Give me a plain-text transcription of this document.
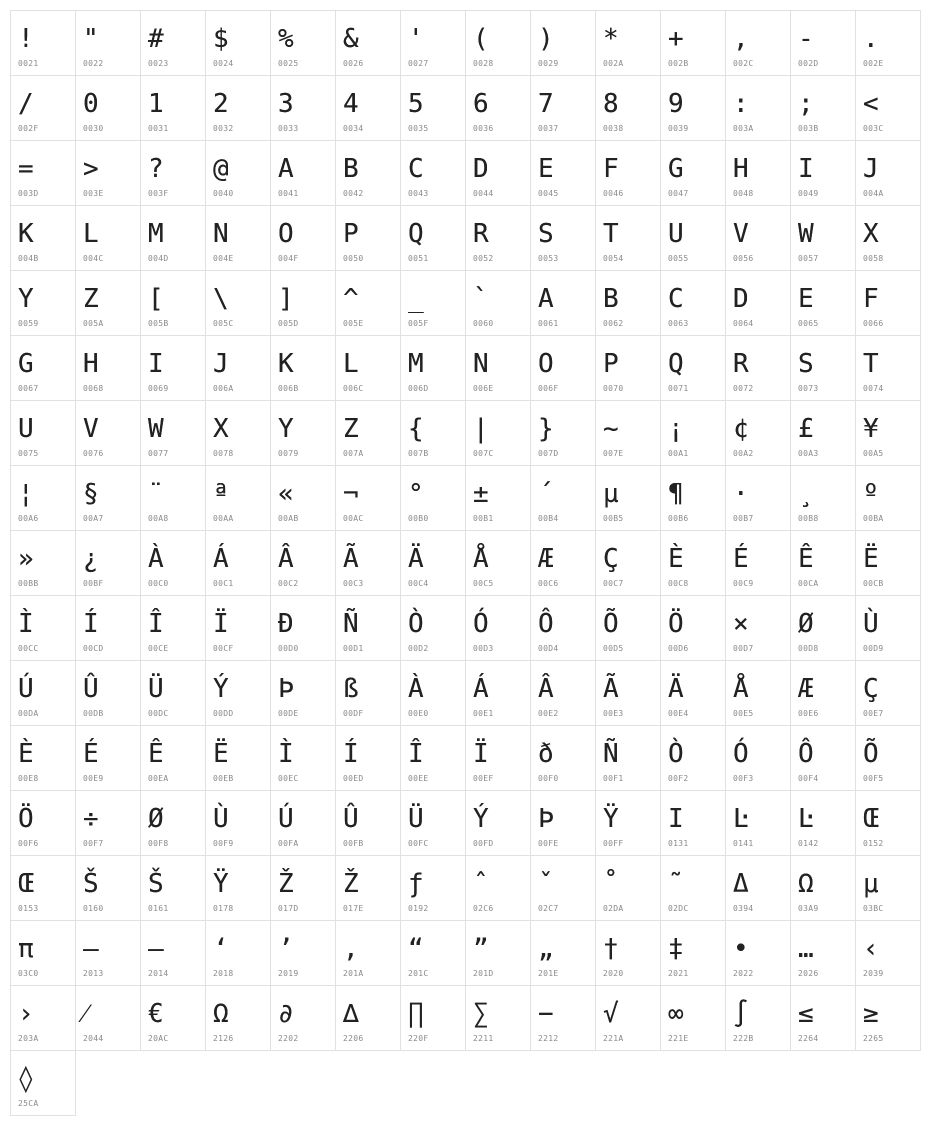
!
0021
"
0022
#
0023
$
0024
%
0025
&
0026
'
0027
(
0028
)
0029
*
002A
+
002B
,
002C
-
002D
.
002E
/
002F
0
0030
1
0031
2
0032
3
0033
4
0034
5
0035
6
0036
7
0037
8
0038
9
0039
:
003A
;
003B
<
003C
=
003D
>
003E
?
003F
@
0040
A
0041
B
0042
C
0043
D
0044
E
0045
F
0046
G
0047
H
0048
I
0049
J
004A
K
004B
L
004C
M
004D
N
004E
O
004F
P
0050
Q
0051
R
0052
S
0053
T
0054
U
0055
V
0056
W
0057
X
0058
Y
0059
Z
005A
[
005B
\
005C
]
005D
^
005E
_
005F
`
0060
A
0061
B
0062
C
0063
D
0064
E
0065
F
0066
G
0067
H
0068
I
0069
J
006A
K
006B
L
006C
M
006D
N
006E
O
006F
P
0070
Q
0071
R
0072
S
0073
T
0074
U
0075
V
0076
W
0077
X
0078
Y
0079
Z
007A
{
007B
|
007C
}
007D
~
007E
¡
00A1
¢
00A2
£
00A3
¥
00A5
¦
00A6
§
00A7
¨
00A8
ª
00AA
«
00AB
¬
00AC
°
00B0
±
00B1
´
00B4
µ
00B5
¶
00B6
·
00B7
¸
00B8
º
00BA
»
00BB
¿
00BF
À
00C0
Á
00C1
Â
00C2
Ã
00C3
Ä
00C4
Å
00C5
Æ
00C6
Ç
00C7
È
00C8
É
00C9
Ê
00CA
Ë
00CB
Ì
00CC
Í
00CD
Î
00CE
Ï
00CF
Ð
00D0
Ñ
00D1
Ò
00D2
Ó
00D3
Ô
00D4
Õ
00D5
Ö
00D6
×
00D7
Ø
00D8
Ù
00D9
Ú
00DA
Û
00DB
Ü
00DC
Ý
00DD
Þ
00DE
ß
00DF
À
00E0
Á
00E1
Â
00E2
Ã
00E3
Ä
00E4
Å
00E5
Æ
00E6
Ç
00E7
È
00E8
É
00E9
Ê
00EA
Ë
00EB
Ì
00EC
Í
00ED
Î
00EE
Ï
00EF
ð
00F0
Ñ
00F1
Ò
00F2
Ó
00F3
Ô
00F4
Õ
00F5
Ö
00F6
÷
00F7
Ø
00F8
Ù
00F9
Ú
00FA
Û
00FB
Ü
00FC
Ý
00FD
Þ
00FE
Ÿ
00FF
I
0131
Ŀ
0141
Ŀ
0142
Œ
0152
Œ
0153
Š
0160
Š
0161
Ÿ
0178
Ž
017D
Ž
017E
ƒ
0192
ˆ
02C6
ˇ
02C7
˚
02DA
˜
02DC
Δ
0394
Ω
03A9
μ
03BC
π
03C0
–
2013
—
2014
‘
2018
’
2019
‚
201A
“
201C
”
201D
„
201E
†
2020
‡
2021
•
2022
…
2026
‹
2039
›
203A
⁄
2044
€
20AC
Ω
2126
∂
2202
∆
2206
∏
220F
∑
2211
−
2212
√
221A
∞
221E
∫
222B
≤
2264
≥
2265
◊
25CA
